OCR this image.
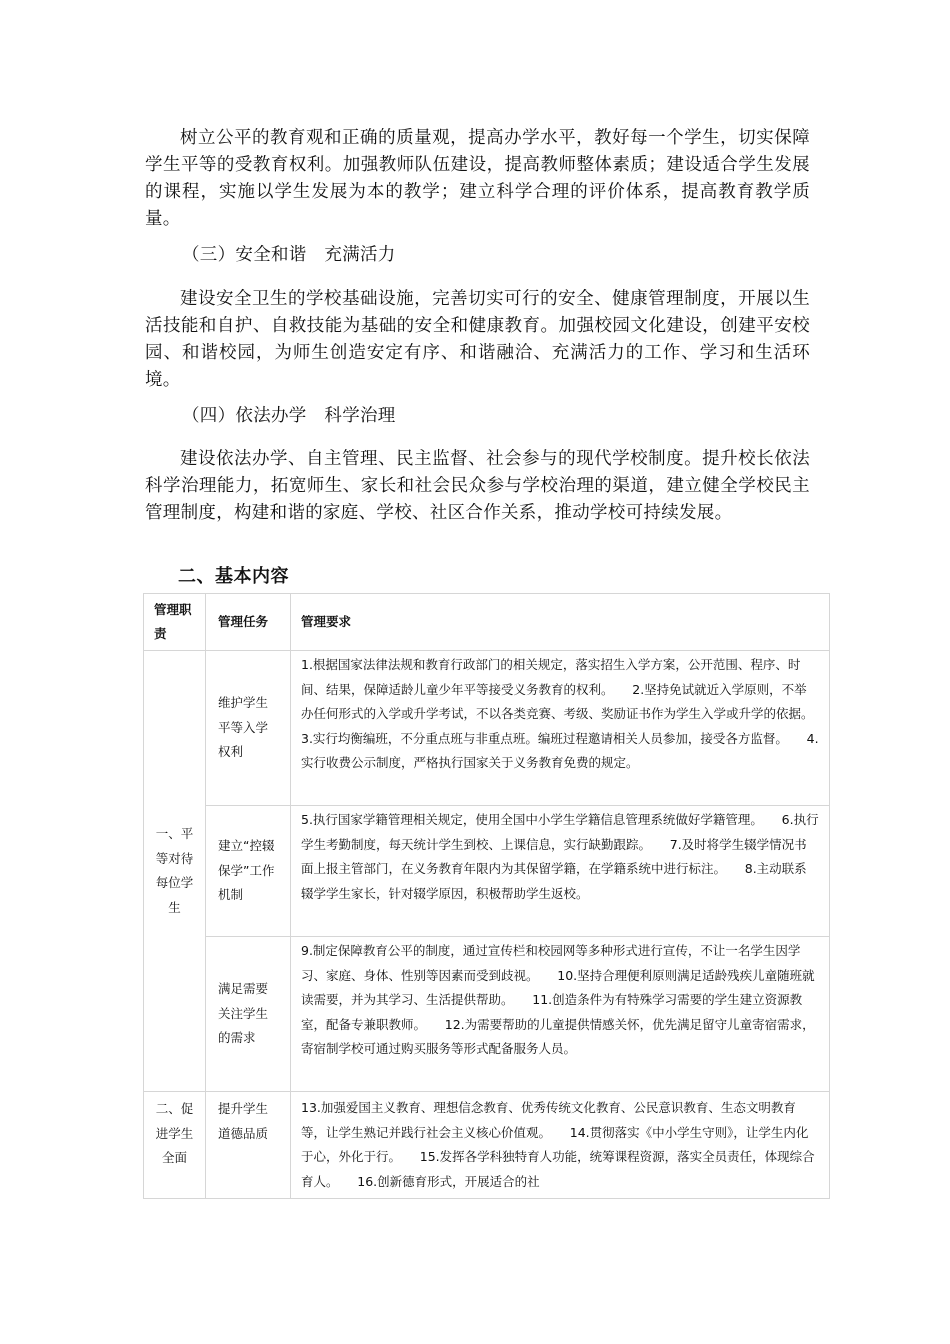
树立公平的教育观和正确的质量观，提高办学水平，教好每一个学生，切实保障学生平等的受教育权利。加强教师队伍建设，提高教师整体素质；建设适合学生发展的课程，实施以学生发展为本的教学；建立科学合理的评价体系，提高教育教学质量。

（三）安全和谐　充满活力

建设安全卫生的学校基础设施，完善切实可行的安全、健康管理制度，开展以生活技能和自护、自救技能为基础的安全和健康教育。加强校园文化建设，创建平安校园、和谐校园，为师生创造安定有序、和谐融洽、充满活力的工作、学习和生活环境。

（四）依法办学　科学治理

建设依法办学、自主管理、民主监督、社会参与的现代学校制度。提升校长依法科学治理能力，拓宽师生、家长和社会民众参与学校治理的渠道，建立健全学校民主管理制度，构建和谐的家庭、学校、社区合作关系，推动学校可持续发展。

二、基本内容

管理职责	管理任务	管理要求
一、平等对待每位学生	维护学生平等入学权利	1.根据国家法律法规和教育行政部门的相关规定，落实招生入学方案，公开范围、程序、时间、结果，保障适龄儿童少年平等接受义务教育的权利。　　2.坚持免试就近入学原则，不举办任何形式的入学或升学考试，不以各类竞赛、考级、奖励证书作为学生入学或升学的依据。　　3.实行均衡编班，不分重点班与非重点班。编班过程邀请相关人员参加，接受各方监督。　　4.实行收费公示制度，严格执行国家关于义务教育免费的规定。
	建立“控辍保学”工作机制	5.执行国家学籍管理相关规定，使用全国中小学生学籍信息管理系统做好学籍管理。　　6.执行学生考勤制度，每天统计学生到校、上课信息，实行缺勤跟踪。　　7.及时将学生辍学情况书面上报主管部门，在义务教育年限内为其保留学籍，在学籍系统中进行标注。　　8.主动联系辍学学生家长，针对辍学原因，积极帮助学生返校。
	满足需要关注学生的需求	9.制定保障教育公平的制度，通过宣传栏和校园网等多种形式进行宣传，不让一名学生因学习、家庭、身体、性别等因素而受到歧视。　　10.坚持合理便利原则满足适龄残疾儿童随班就读需要，并为其学习、生活提供帮助。　　11.创造条件为有特殊学习需要的学生建立资源教室，配备专兼职教师。　　12.为需要帮助的儿童提供情感关怀，优先满足留守儿童寄宿需求，寄宿制学校可通过购买服务等形式配备服务人员。

二、促进学生全面	提升学生道德品质	13.加强爱国主义教育、理想信念教育、优秀传统文化教育、公民意识教育、生态文明教育等，让学生熟记并践行社会主义核心价值观。　　14.贯彻落实《中小学生守则》，让学生内化于心，外化于行。　　15.发挥各学科独特育人功能，统筹课程资源，落实全员责任，体现综合育人。　　16.创新德育形式，开展适合的社
